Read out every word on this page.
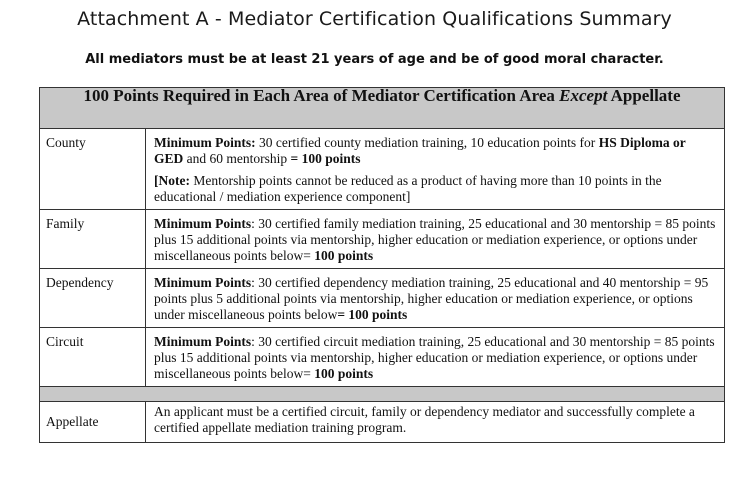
Attachment A - Mediator Certification Qualifications Summary
All mediators must be at least 21 years of age and be of good moral character.
100 Points Required in Each Area of Mediator Certification Area Except Appellate	
County	Minimum Points: 30 certified county mediation training, 10 education points for HS Diploma or GED and 60 mentorship = 100 points

[Note: Mentorship points cannot be reduced as a product of having more than 10 points in the educational / mediation experience component]

Family	Minimum Points: 30 certified family mediation training, 25 educational and 30 mentorship = 85 points plus 15 additional points via mentorship, higher education or mediation experience, or options under miscellaneous points below= 100 points
Dependency	Minimum Points: 30 certified dependency mediation training, 25 educational and 40 mentorship = 95 points plus 5 additional points via mentorship, higher education or mediation experience, or options under miscellaneous points below= 100 points
Circuit	Minimum Points: 30 certified circuit mediation training, 25 educational and 30 mentorship = 85 points plus 15 additional points via mentorship, higher education or mediation experience, or options under miscellaneous points below= 100 points

Appellate	An applicant must be a certified circuit, family or dependency mediator and successfully complete a certified appellate mediation training program.
